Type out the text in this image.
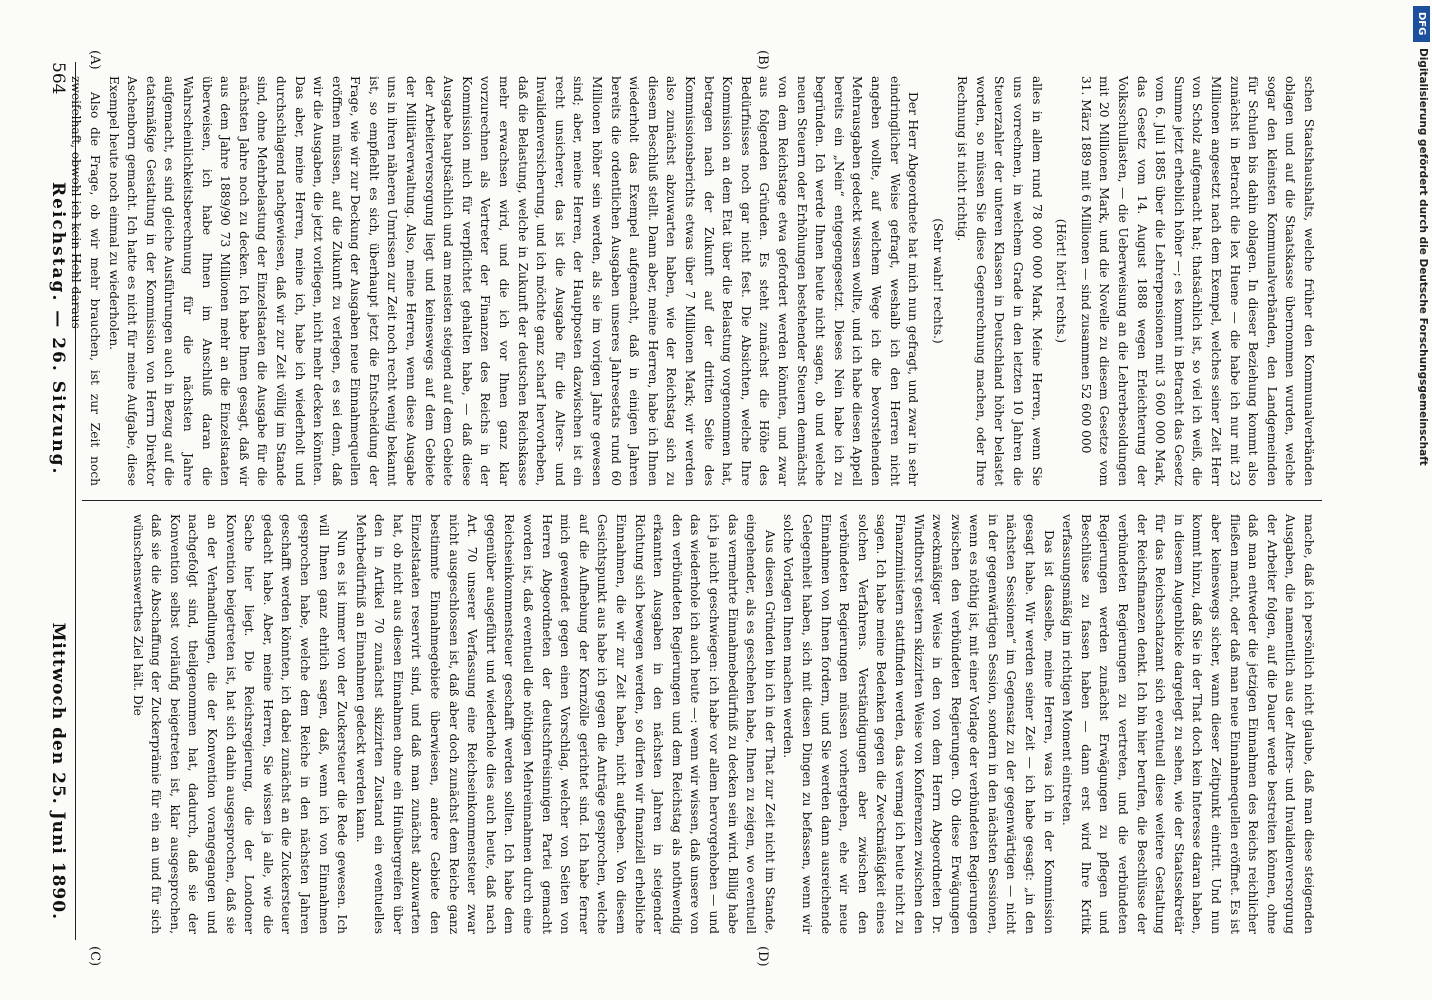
564
Reichstag. — 26. Sitzung.
Mittwoch den 25. Juni 1890.
(A)	(B)
(C)	(D)

schen Staatshaushalts, welche früher den Kommunalverbänden oblagen und auf die Staatskasse übernommen wurden, welche sogar den kleinsten Kommunalverbänden, den Landgemeinden für Schulen bis dahin oblagen. In dieser Beziehung kommt also zunächst in Betracht die lex Huene — die habe ich nur mit 23 Millionen angesetzt nach dem Exempel, welches seiner Zeit Herr von Scholz aufgemacht hat; thatsächlich ist, so viel ich weiß, die Summe jetzt erheblich höher —; es kommt in Betracht das Gesetz vom 6. Juli 1885 über die Lehrerpensionen mit 3 600 000 Mark, das Gesetz vom 14. August 1888 wegen Erleichterung der Volksschullasten, — die Ueberweisung an die Lehrerbesoldungen mit 20 Millionen Mark, und die Novelle zu diesem Gesetze vom 31. März 1889 mit 6 Millionen — sind zusammen 52 600 000

(Hört! hört! rechts.)

alles in allem rund 78 000 000 Mark. Meine Herren, wenn Sie uns vorrechnen, in welchem Grade in den letzten 10 Jahren die Steuerzahler der unteren Klassen in Deutschland höher belastet worden, so müssen Sie diese Gegenrechnung machen, oder Ihre Rechnung ist nicht richtig.

(Sehr wahr! rechts.)

Der Herr Abgeordnete hat mich nun gefragt, und zwar in sehr eindringlicher Weise gefragt, weshalb ich den Herren nicht angeben wollte, auf welchem Wege ich die bevorstehenden Mehrausgaben gedeckt wissen wollte, und ich habe diesen Appell bereits ein „Nein“ entgegengesetzt. Dieses Nein habe ich zu begründen. Ich werde Ihnen heute nicht sagen, ob und welche neuen Steuern oder Erhöhungen bestehender Steuern demnächst von dem Reichstage etwa gefordert werden könnten, und zwar aus folgenden Gründen. Es steht zunächst die Höhe des Bedürfnisses noch gar nicht fest. Die Absichten, welche Ihre Kommission an dem Etat über die Belastung vorgenommen hat, betragen nach der Zukunft auf der dritten Seite des Kommissionsberichts etwas über 7 Millionen Mark; wir werden also zunächst abzuwarten haben, wie der Reichstag sich zu diesem Beschluß stellt. Dann aber, meine Herren, habe ich Ihnen wiederholt das Exempel aufgemacht, daß in einigen Jahren bereits die ordentlichen Ausgaben unseres Jahresetats rund 60 Millionen höher sein werden, als sie im vorigen Jahre gewesen sind; aber, meine Herren, der Hauptposten dazwischen ist ein recht unsicherer, das ist die Ausgabe für die Alters- und Invalidenversicherung, und ich möchte ganz scharf hervorheben, daß die Belastung, welche in Zukunft der deutschen Reichskasse mehr erwachsen wird, und die ich vor Ihnen ganz klar vorzurechnen als Vertreter der Finanzen des Reichs in der Kommission mich für verpflichtet gehalten habe, — daß diese Ausgabe hauptsächlich und am meisten steigend auf dem Gebiete der Arbeiterversorgung liegt und keineswegs auf dem Gebiete der Militärverwaltung. Also, meine Herren, wenn diese Ausgabe uns in ihren näheren Umrissen zur Zeit noch recht wenig bekannt ist, so empfiehlt es sich, überhaupt jetzt die Entscheidung der Frage, wie wir zur Deckung der Ausgaben neue Einnahmequellen eröffnen müssen, auf die Zukunft zu verlegen, es sei denn, daß wir die Ausgaben, die jetzt vorliegen, nicht mehr decken könnten. Das aber, meine Herren, meine ich, habe ich wiederholt und durchschlagend nachgewiesen, daß wir zur Zeit völlig im Stande sind, ohne Mehrbelastung der Einzelstaaten die Ausgabe für die nächsten Jahre noch zu decken. Ich habe Ihnen gesagt, daß wir aus dem Jahre 1889/90 73 Millionen mehr an die Einzelstaaten überweisen, ich habe Ihnen im Anschluß daran die Wahrscheinlichkeitsberechnung für die nächsten Jahre aufgemacht, es sind gleiche Ausführungen auch in Bezug auf die etatsmäßige Gestaltung in der Kommission von Herrn Direktor Aschenborn gemacht. Ich hatte es nicht für meine Aufgabe, diese Exempel heute noch einmal zu wiederholen.

Also die Frage, ob wir mehr brauchen, ist zur Zeit noch zweifelhaft, obwohl ich kein Hehl daraus

mache, daß ich persönlich nicht glaube, daß man diese steigenden Ausgaben, die namentlich aus der Alters- und Invalidenversorgung der Arbeiter folgen, auf die Dauer werde bestreiten können, ohne daß man entweder die jetzigen Einnahmen des Reichs reichlicher fließen macht, oder daß man neue Einnahmequellen eröffnet. Es ist aber keineswegs sicher, wann dieser Zeitpunkt eintritt. Und nun kommt hinzu, daß Sie in der That doch kein Interesse daran haben, in diesem Augenblicke dargelegt zu sehen, wie der Staatssekretär für das Reichsschatzamt sich eventuell diese weitere Gestaltung der Reichsfinanzen denkt. Ich bin hier berufen, die Beschlüsse der verbündeten Regierungen zu vertreten, und die verbündeten Regierungen werden zunächst Erwägungen zu pflegen und Beschlüsse zu fassen haben — dann erst wird Ihre Kritik verfassungsmäßig im richtigen Moment eintreten.

Das ist dasselbe, meine Herren, was ich in der Kommission gesagt habe. Wir werden seiner Zeit — ich habe gesagt: „in den nächsten Sessionen“ im Gegensatz zu der gegenwärtigen — nicht in der gegenwärtigen Session, sondern in den nächsten Sessionen, wenn es nöthig ist, mit einer Vorlage der verbündeten Regierungen zwischen den verbündeten Regierungen. Ob diese Erwägungen zweckmäßiger Weise in den von dem Herrn Abgeordneten Dr. Windthorst gestern skizzirten Weise von Konferenzen zwischen den Finanzministern stattfinden werden, das vermag ich heute nicht zu sagen. Ich habe meine Bedenken gegen die Zweckmäßigkeit eines solchen Verfahrens. Verständigungen aber zwischen den verbündeten Regierungen müssen vorhergehen, ehe wir neue Einnahmen von Ihnen fordern, und Sie werden dann ausreichende Gelegenheit haben, sich mit diesen Dingen zu befassen, wenn wir solche Vorlagen Ihnen machen werden.

Aus diesen Gründen bin ich in der That zur Zeit nicht im Stande, eingehender, als es geschehen habe, Ihnen zu zeigen, wo eventuell das vermehrte Einnahmebedürfniß zu decken sein wird. Billig habe ich ja nicht geschwiegen: ich habe vor allem hervorgehoben — und das wiederhole ich auch heute —: wenn wir wissen, daß unsere von den verbündeten Regierungen und dem Reichstag als nothwendig erkannten Ausgaben in den nächsten Jahren in steigender Richtung sich bewegen werden, so dürfen wir finanziell erhebliche Einnahmen, die wir zur Zeit haben, nicht aufgeben. Von diesem Gesichtspunkt aus habe ich gegen die Anträge gesprochen, welche auf die Aufhebung der Kornzölle gerichtet sind. Ich habe ferner mich gewendet gegen einen Vorschlag, welcher von Seiten von Herren Abgeordneten der deutschfreisinnigen Partei gemacht worden ist, daß eventuell die nöthigen Mehreinnahmen durch eine Reichseinkommensteuer geschafft werden sollten. Ich habe dem gegenüber ausgeführt und wiederhole dies auch heute, daß nach Art. 70 unserer Verfassung eine Reichseinkommensteuer zwar nicht ausgeschlossen ist, daß aber doch zunächst dem Reiche ganz bestimmte Einnahmegebiete überwiesen, andere Gebiete den Einzelstaaten reservirt sind, und daß man zunächst abzuwarten hat, ob nicht aus diesen Einnahmen ohne ein Hinübergreifen über den in Artikel 70 zunächst skizzirten Zustand ein eventuelles Mehrbedürfniß an Einnahmen gedeckt werden kann.

Nun es ist immer von der Zuckersteuer die Rede gewesen. Ich will Ihnen ganz ehrlich sagen, daß, wenn ich von Einnahmen gesprochen habe, welche dem Reiche in den nächsten Jahren geschafft werden könnten, ich dabei zunächst an die Zuckersteuer gedacht habe. Aber, meine Herren, Sie wissen ja alle, wie die Sache hier liegt. Die Reichsregierung, die der Londoner Konvention beigetreten ist, hat sich dahin ausgesprochen, daß sie an der Verhandlungen, die der Konvention vorangegangen und nachgefolgt sind, theilgenommen hat, dadurch, daß sie der Konvention selbst vorläufig beigetreten ist, klar ausgesprochen, daß sie die Abschaffung der Zuckerprämie für ein an und für sich wünschenswerthes Ziel hält. Die

DFG
Digitalisierung gefördert durch die Deutsche Forschungsgemeinschaft
